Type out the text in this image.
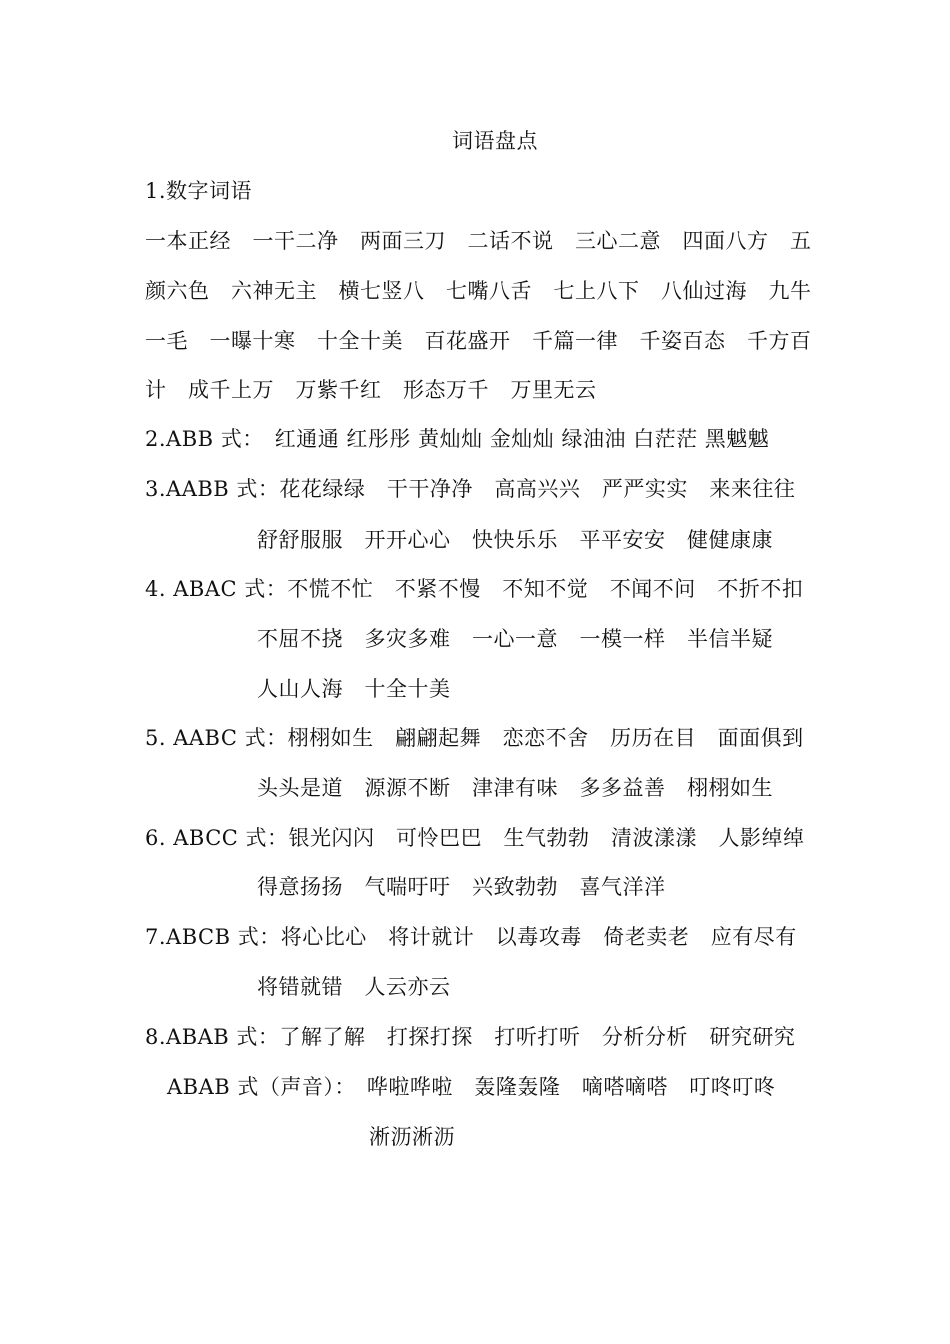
词语盘点
1.数字词语
一本正经　一干二净　两面三刀　二话不说　三心二意　四面八方　五
颜六色　六神无主　横七竖八　七嘴八舌　七上八下　八仙过海　九牛
一毛　一曝十寒　十全十美　百花盛开　千篇一律　千姿百态　千方百
计　成千上万　万紫千红　形态万千　万里无云
2.ABB 式：　红通通 红彤彤 黄灿灿 金灿灿 绿油油 白茫茫 黑魆魆
3.AABB 式：花花绿绿　干干净净　高高兴兴　严严实实　来来往往
舒舒服服　开开心心　快快乐乐　平平安安　健健康康
4. ABAC 式：不慌不忙　不紧不慢　不知不觉　不闻不问　不折不扣
不屈不挠　多灾多难　一心一意　一模一样　半信半疑
人山人海　十全十美
5. AABC 式：栩栩如生　翩翩起舞　恋恋不舍　历历在目　面面俱到
头头是道　源源不断　津津有味　多多益善　栩栩如生
6. ABCC 式：银光闪闪　可怜巴巴　生气勃勃　清波漾漾　人影绰绰
得意扬扬　气喘吁吁　兴致勃勃　喜气洋洋
7.ABCB 式：将心比心　将计就计　以毒攻毒　倚老卖老　应有尽有
将错就错　人云亦云
8.ABAB 式：了解了解　打探打探　打听打听　分析分析　研究研究
ABAB 式（声音）：　哗啦哗啦　轰隆轰隆　嘀嗒嘀嗒　叮咚叮咚
淅沥淅沥
